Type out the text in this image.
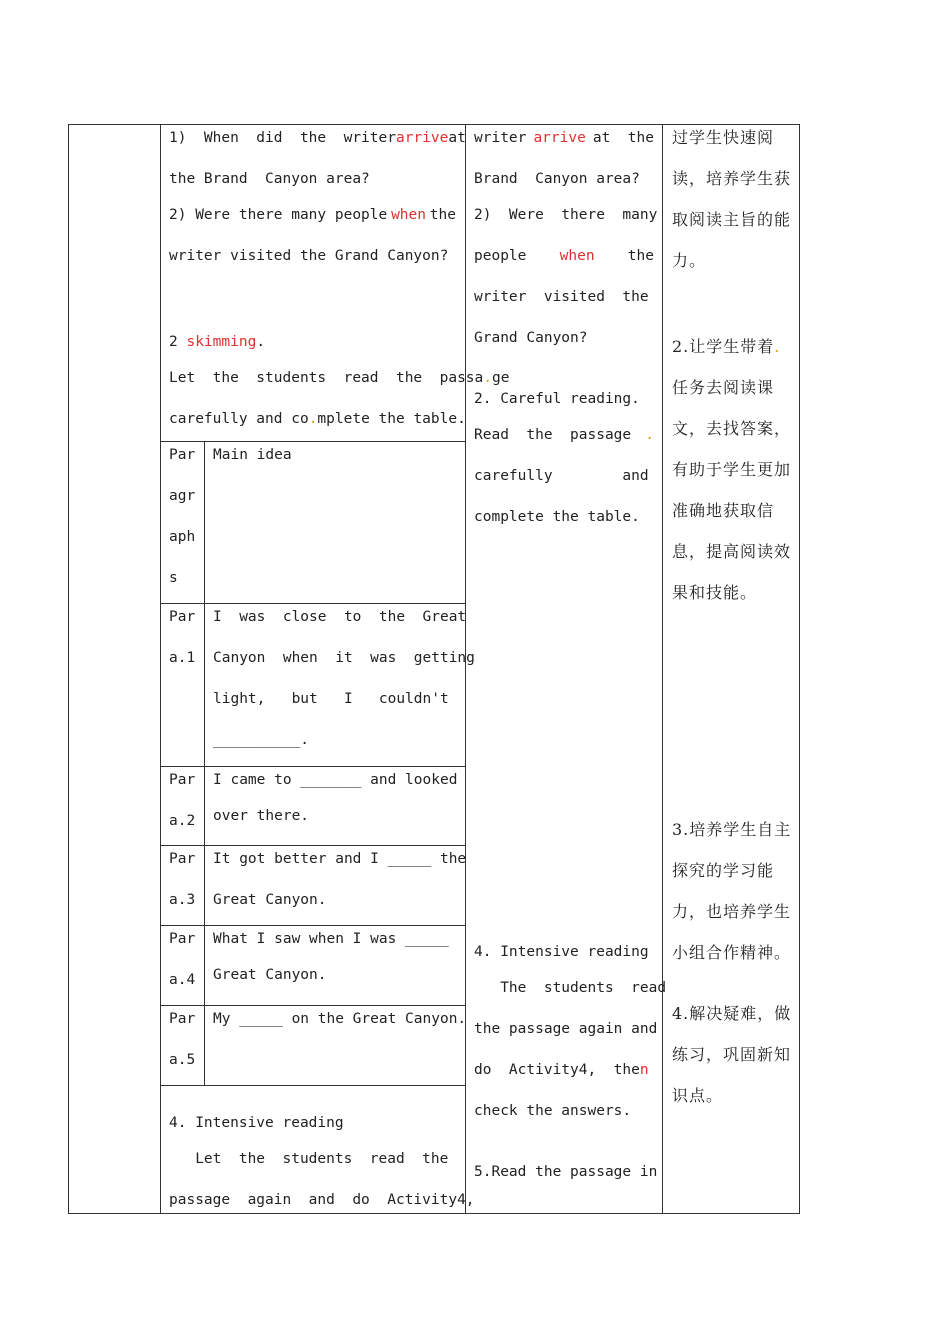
1)  When  did  the  writer arrive at
the Brand  Canyon area?
2) Were there many people when the
writer visited the Grand Canyon?
2 skimming.
Let  the  students  read  the  passa.ge
carefully and co.mplete the table.
Par
agr
aph
s
Main idea
Par
a.1
I  was  close  to  the  Great
Canyon  when  it  was  getting
light,   but   I   couldn't
__________.
Par
a.2
I came to _______ and looked
over there.
Par
a.3
It got better and I _____ the
Great Canyon.
Par
a.4
What I saw when I was _____
Great Canyon.
Par
a.5
My _____ on the Great Canyon.
4. Intensive reading
Let  the  students  read  the
passage  again  and  do  Activity4,
writer arrive at  the
Brand  Canyon area?
2)  Were  there  many
people when the
writer  visited  the
Grand Canyon?
2. Careful reading.
Read  the  passage .
carefully        and
complete the table.
4. Intensive reading
The  students  read
the passage again and
do  Activity4,  then
check the answers.
5.Read the passage in
过学生快速阅
读，培养学生获
取阅读主旨的能
力。
2.让学生带着.
任务去阅读课
文，去找答案，
有助于学生更加
准确地获取信
息，提高阅读效
果和技能。
3.培养学生自主
探究的学习能
力，也培养学生
小组合作精神。
4.解决疑难，做
练习，巩固新知
识点。
